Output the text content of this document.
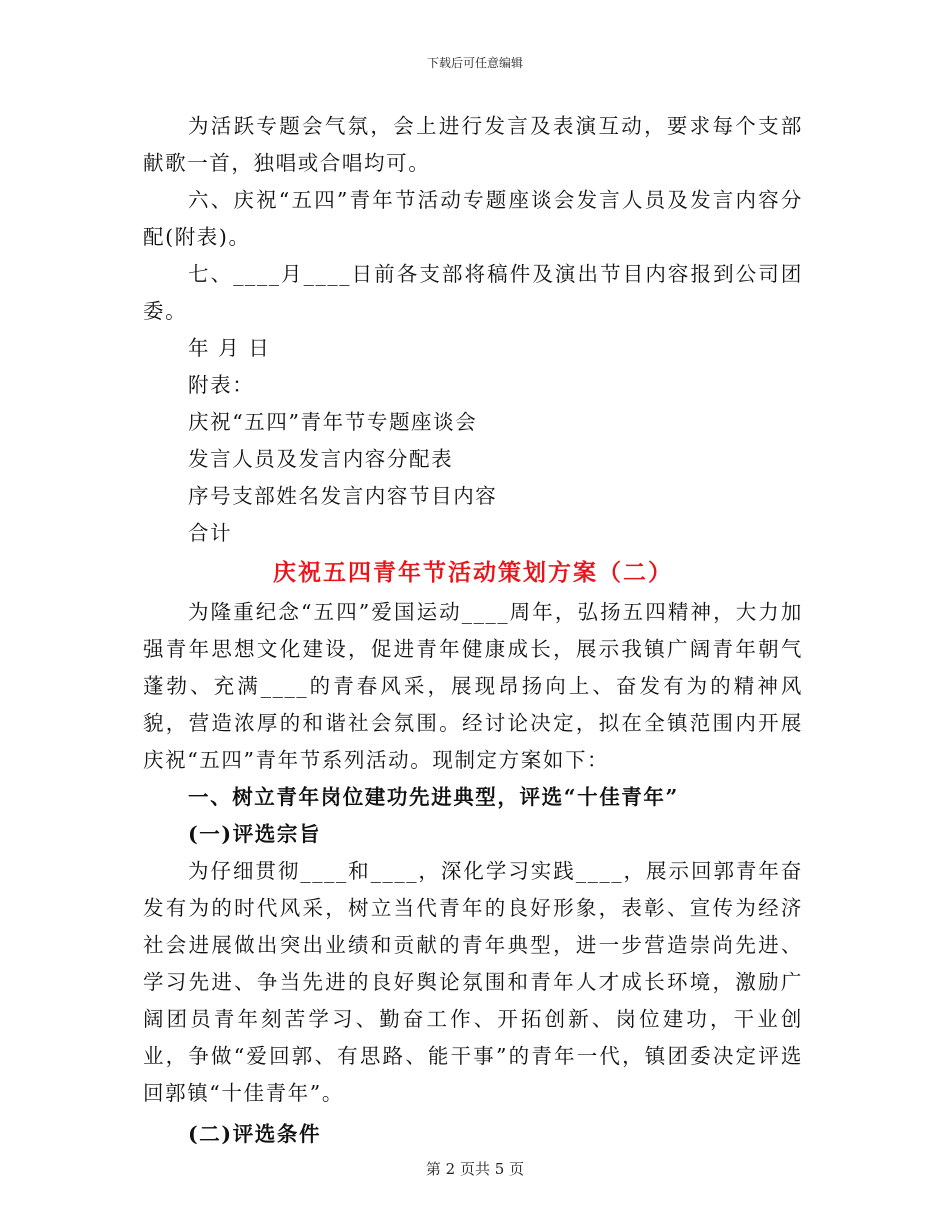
下载后可任意编辑

为活跃专题会气氛，会上进行发言及表演互动，要求每个支部献歌一首，独唱或合唱均可。

六、庆祝“五四”青年节活动专题座谈会发言人员及发言内容分配(附表)。

七、____月____日前各支部将稿件及演出节目内容报到公司团委。

年 月 日

附表：

庆祝“五四”青年节专题座谈会

发言人员及发言内容分配表

序号支部姓名发言内容节目内容

合计

庆祝五四青年节活动策划方案（二）

为隆重纪念“五四”爱国运动____周年，弘扬五四精神，大力加强青年思想文化建设，促进青年健康成长，展示我镇广阔青年朝气蓬勃、充满____的青春风采，展现昂扬向上、奋发有为的精神风貌，营造浓厚的和谐社会氛围。经讨论决定，拟在全镇范围内开展庆祝“五四”青年节系列活动。现制定方案如下：

一、树立青年岗位建功先进典型，评选“十佳青年”

(一)评选宗旨

为仔细贯彻____和____，深化学习实践____，展示回郭青年奋发有为的时代风采，树立当代青年的良好形象，表彰、宣传为经济社会进展做出突出业绩和贡献的青年典型，进一步营造崇尚先进、学习先进、争当先进的良好舆论氛围和青年人才成长环境，激励广阔团员青年刻苦学习、勤奋工作、开拓创新、岗位建功，干业创业，争做“爱回郭、有思路、能干事”的青年一代，镇团委决定评选回郭镇“十佳青年”。

(二)评选条件

第 2 页共 5 页
